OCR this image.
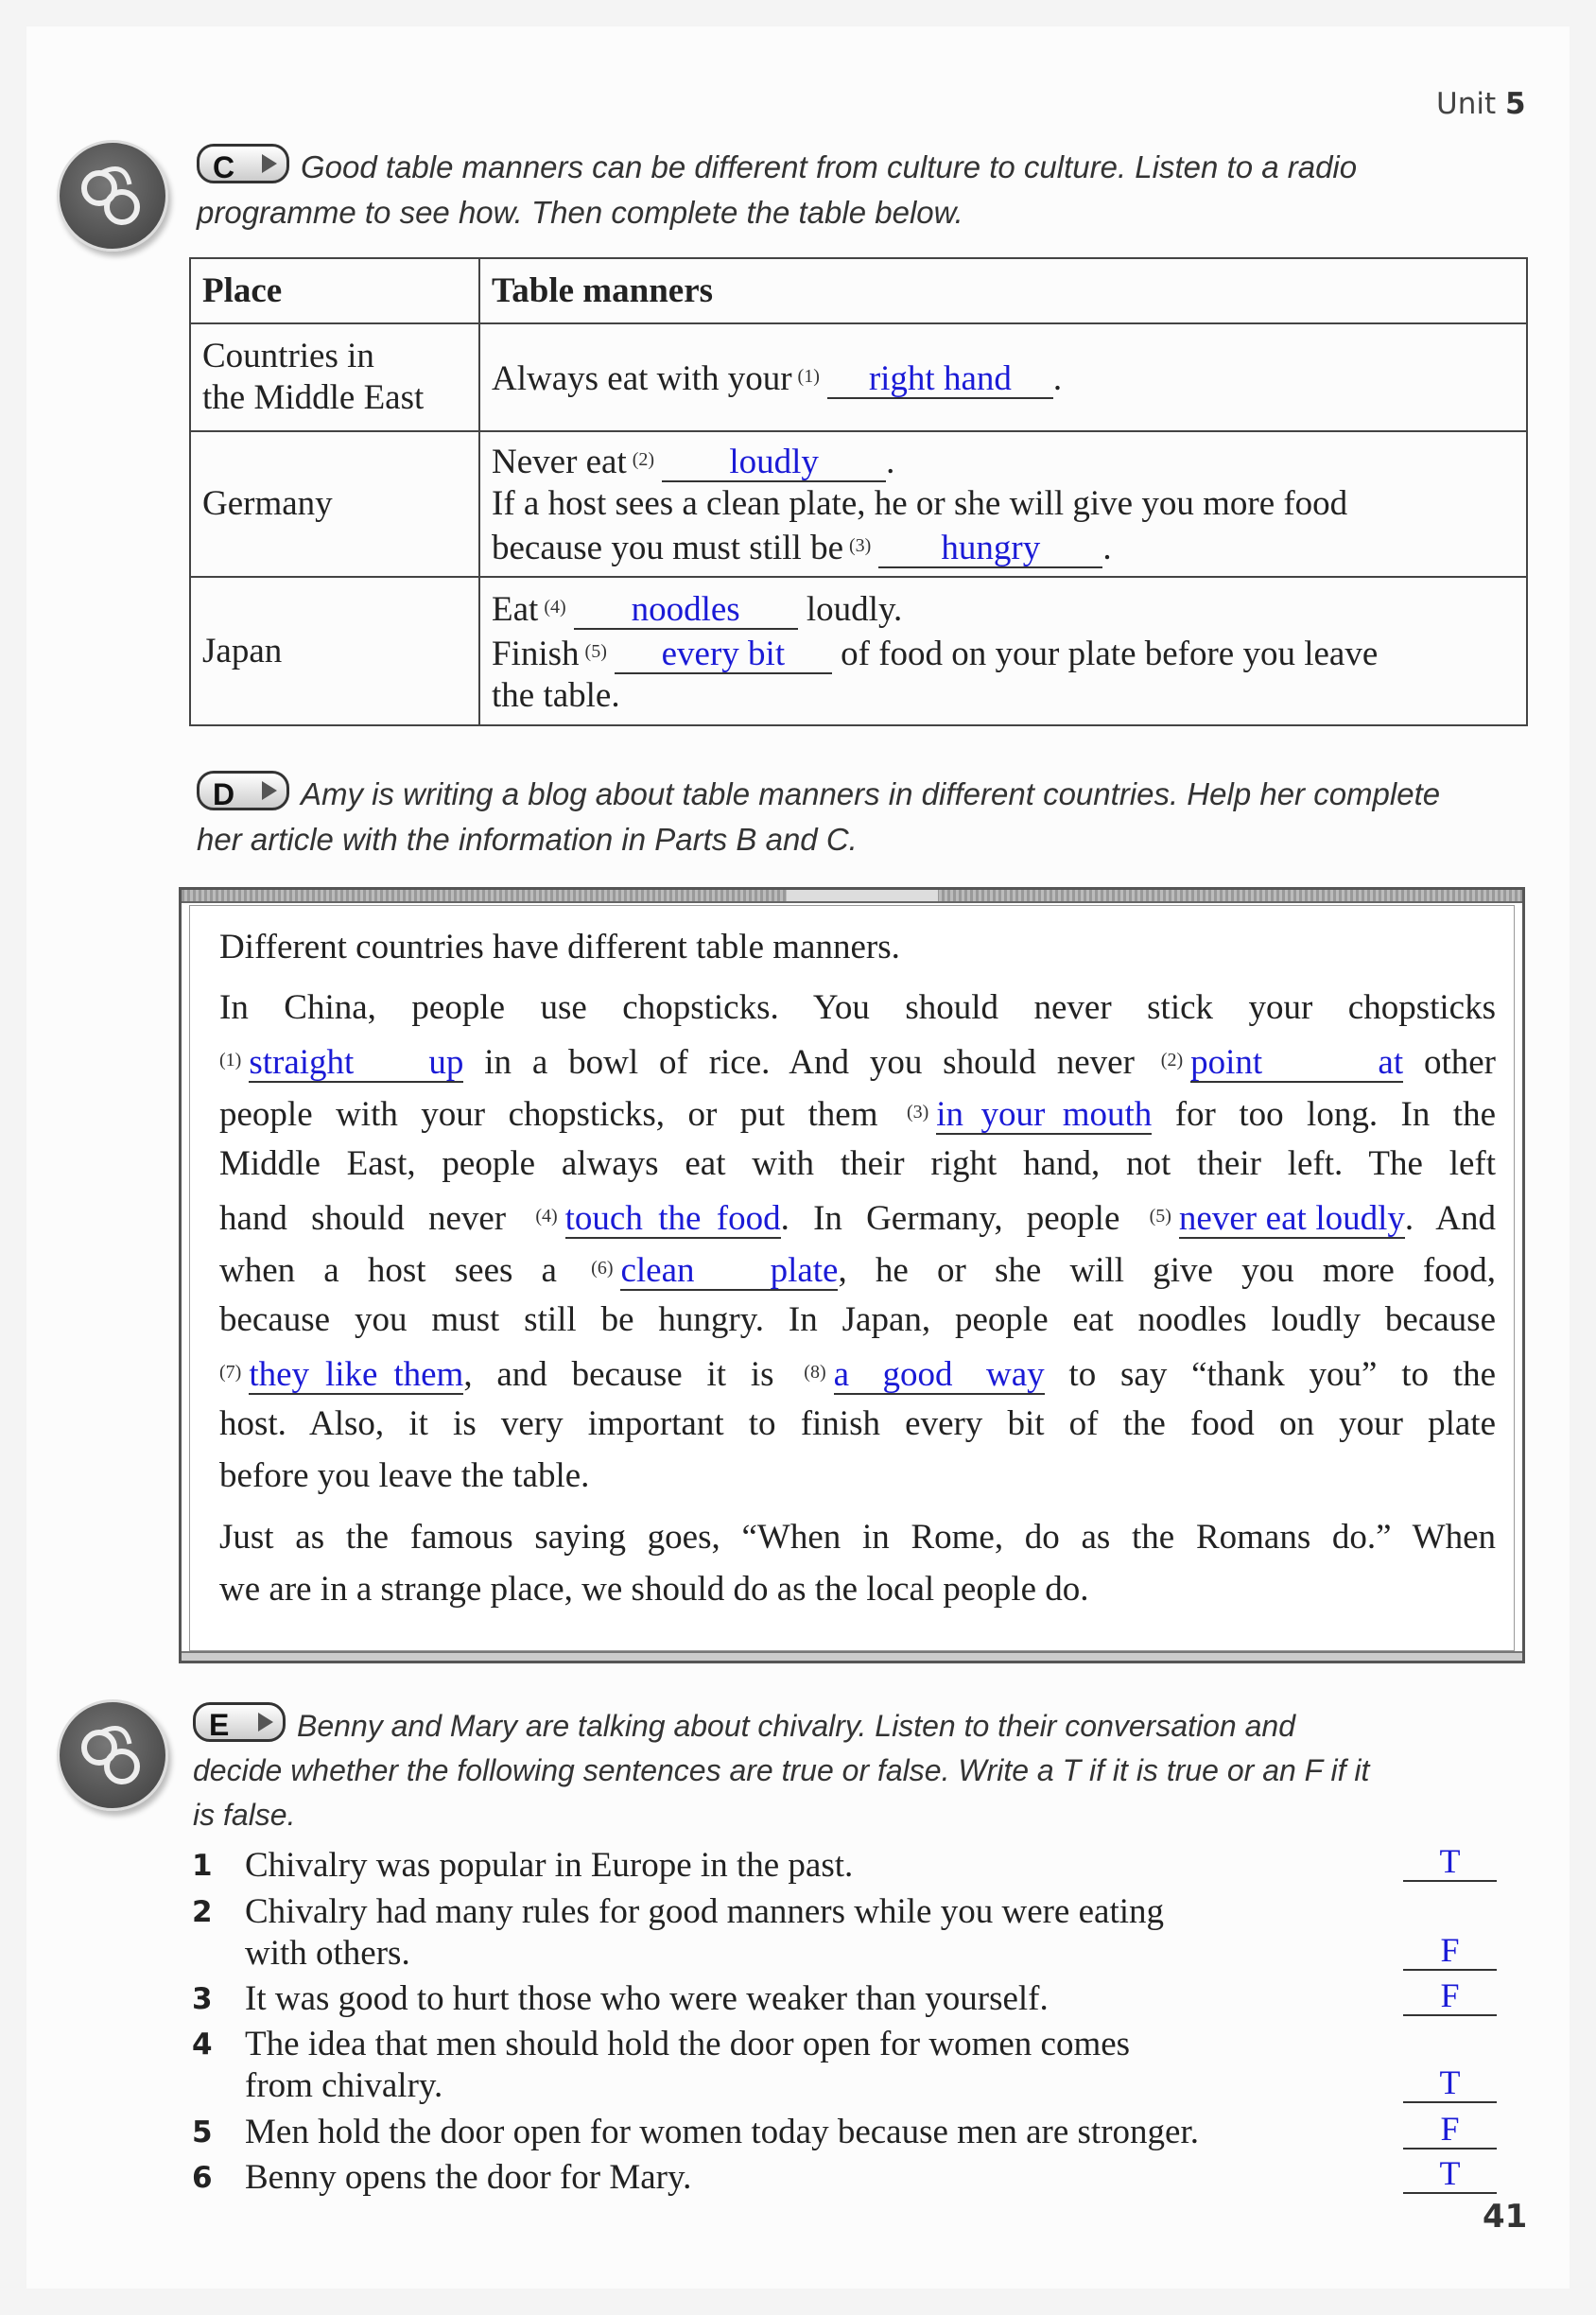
Unit 5
C Good table manners can be different from culture to culture. Listen to a radio
programme to see how. Then complete the table below.
Place	Table manners
Countries in
the Middle East	Always eat with your $^{(1)}$ right hand .
Germany	Never eat $^{(2)}$ loudly .
If a host sees a clean plate, he or she will give you more food
because you must still be $^{(3)}$ hungry .
Japan	Eat $^{(4)}$ noodles loudly.
Finish $^{(5)}$ every bit of food on your plate before you leave
the table.
D Amy is writing a blog about table manners in different countries. Help her complete
her article with the information in Parts B and C.
Different countries have different table manners.
In China, people use chopsticks. You should never stick your chopsticks
$^{(1)}$ straight up in a bowl of rice. And you should never $^{(2)}$ point at other
people with your chopsticks, or put them $^{(3)}$ in your mouth for too long. In the
Middle East, people always eat with their right hand, not their left. The left
hand should never $^{(4)}$ touch the food. In Germany, people $^{(5)}$ never eat loudly. And
when a host sees a $^{(6)}$ clean plate, he or she will give you more food,
because you must still be hungry. In Japan, people eat noodles loudly because
$^{(7)}$ they like them, and because it is $^{(8)}$ a good way to say “thank you” to the
host. Also, it is very important to finish every bit of the food on your plate
before you leave the table.
Just as the famous saying goes, “When in Rome, do as the Romans do.” When
we are in a strange place, we should do as the local people do.
E Benny and Mary are talking about chivalry. Listen to their conversation and
decide whether the following sentences are true or false. Write a T if it is true or an F if it
is false.
1 Chivalry was popular in Europe in the past.	T
2 Chivalry had many rules for good manners while you were eating
with others.	F
3 It was good to hurt those who were weaker than yourself.	F
4 The idea that men should hold the door open for women comes
from chivalry.	T
5 Men hold the door open for women today because men are stronger.	F
6 Benny opens the door for Mary.	T
41
